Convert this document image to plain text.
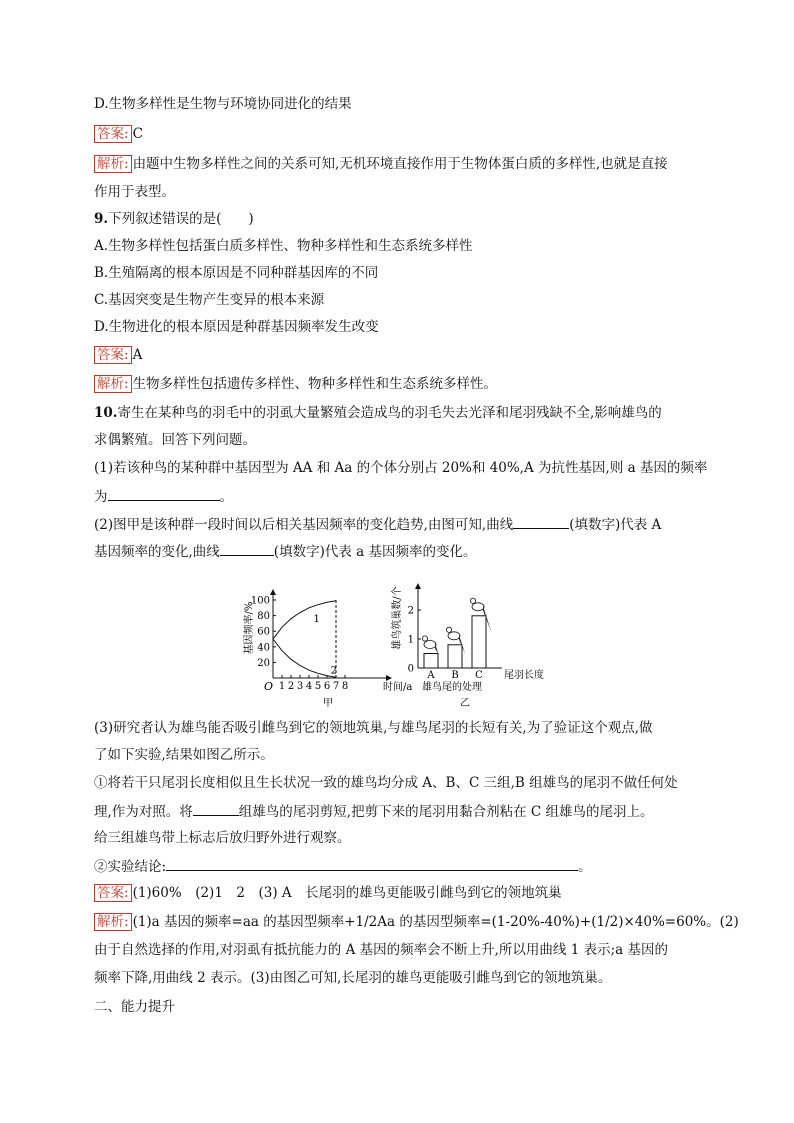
D.生物多样性是生物与环境协同进化的结果
答案: C
解析: 由题中生物多样性之间的关系可知,无机环境直接作用于生物体蛋白质的多样性,也就是直接
作用于表型。
9.下列叙述错误的是(　　)
A.生物多样性包括蛋白质多样性、物种多样性和生态系统多样性
B.生殖隔离的根本原因是不同种群基因库的不同
C.基因突变是生物产生变异的根本来源
D.生物进化的根本原因是种群基因频率发生改变
答案: A
解析: 生物多样性包括遗传多样性、物种多样性和生态系统多样性。
10.寄生在某种鸟的羽毛中的羽虱大量繁殖会造成鸟的羽毛失去光泽和尾羽残缺不全,影响雄鸟的
求偶繁殖。回答下列问题。
(1)若该种鸟的某种群中基因型为 AA 和 Aa 的个体分别占 20%和 40%,A 为抗性基因,则 a 基因的频率
为	。
(2)图甲是该种群一段时间以后相关基因频率的变化趋势,由图可知,曲线	(填数字)代表 A
基因频率的变化,曲线	(填数字)代表 a 基因频率的变化。
基因频率/%
O	时间/a
甲
1 2 3 4 5 6 7 8
20
40
60
80
100
1
2
雄鸟筑巢数/个
尾羽长度
雄鸟尾的处理
乙
0
1
2
A B C
(3)研究者认为雄鸟能否吸引雌鸟到它的领地筑巢,与雄鸟尾羽的长短有关,为了验证这个观点,做
了如下实验,结果如图乙所示。
①将若干只尾羽长度相似且生长状况一致的雄鸟均分成 A、B、C 三组,B 组雄鸟的尾羽不做任何处
理,作为对照。将	组雄鸟的尾羽剪短,把剪下来的尾羽用黏合剂粘在 C 组雄鸟的尾羽上。
给三组雄鸟带上标志后放归野外进行观察。
②实验结论:	。
答案: (1)60%　(2)1　2　(3) A　长尾羽的雄鸟更能吸引雌鸟到它的领地筑巢
解析: (1)a 基因的频率=aa 的基因型频率+1/2Aa 的基因型频率=(1-20%-40%)+(1/2)×40%=60%。(2)
由于自然选择的作用,对羽虱有抵抗能力的 A 基因的频率会不断上升,所以用曲线 1 表示;a 基因的
频率下降,用曲线 2 表示。(3)由图乙可知,长尾羽的雄鸟更能吸引雌鸟到它的领地筑巢。
二、能力提升
